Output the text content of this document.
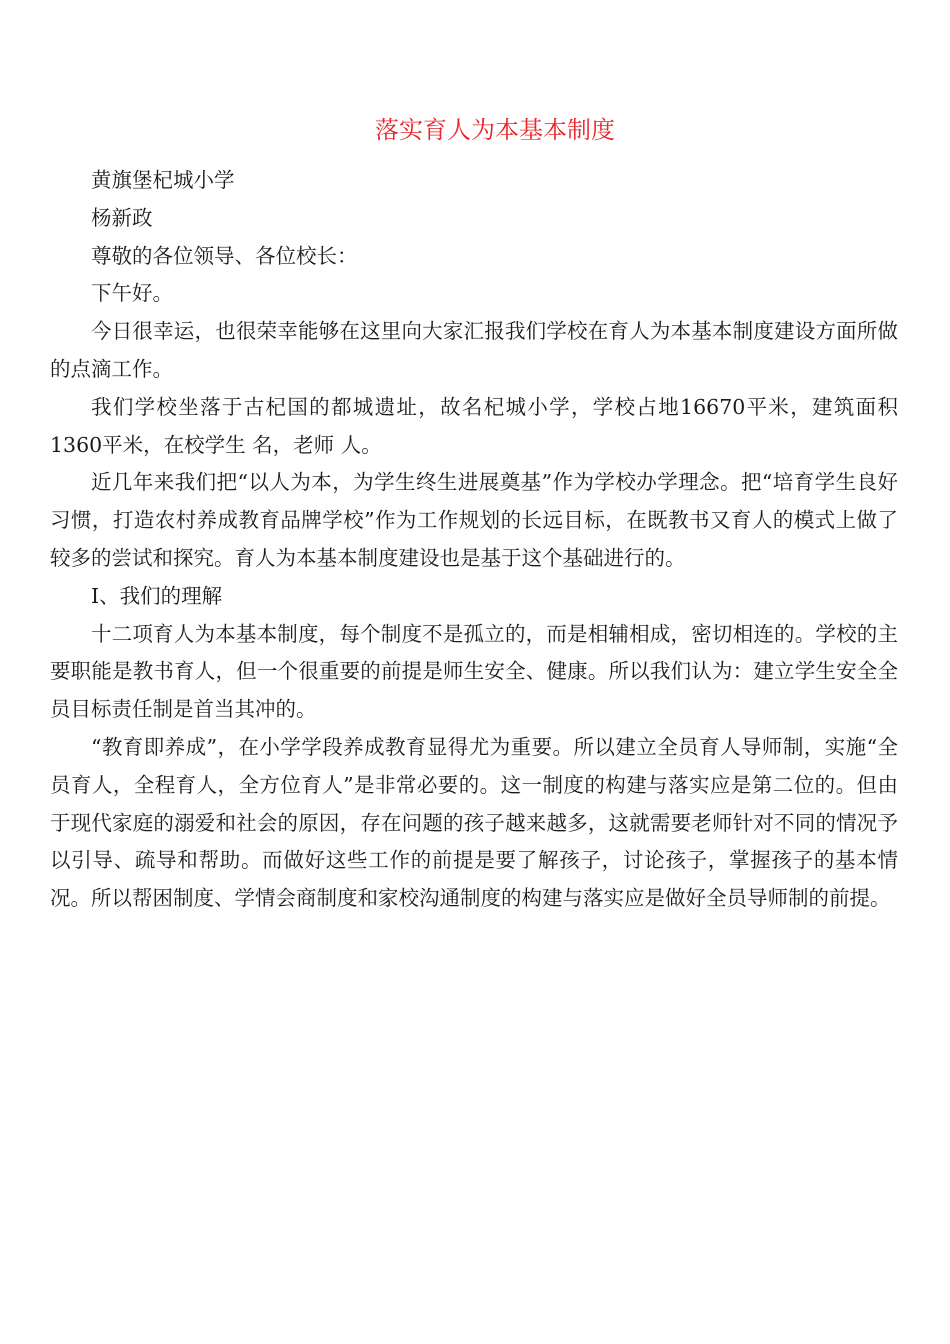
落实育人为本基本制度

黄旗堡杞城小学

杨新政

尊敬的各位领导、各位校长：

下午好。

今日很幸运，也很荣幸能够在这里向大家汇报我们学校在育人为本基本制度建设方面所做的点滴工作。

我们学校坐落于古杞国的都城遗址，故名杞城小学，学校占地16670平米，建筑面积1360平米，在校学生 名，老师 人。

近几年来我们把“以人为本，为学生终生进展奠基”作为学校办学理念。把“培育学生良好习惯，打造农村养成教育品牌学校”作为工作规划的长远目标，在既教书又育人的模式上做了较多的尝试和探究。育人为本基本制度建设也是基于这个基础进行的。

I、我们的理解

十二项育人为本基本制度，每个制度不是孤立的，而是相辅相成，密切相连的。学校的主要职能是教书育人，但一个很重要的前提是师生安全、健康。所以我们认为：建立学生安全全员目标责任制是首当其冲的。

“教育即养成”，在小学学段养成教育显得尤为重要。所以建立全员育人导师制，实施“全员育人，全程育人，全方位育人”是非常必要的。这一制度的构建与落实应是第二位的。但由于现代家庭的溺爱和社会的原因，存在问题的孩子越来越多，这就需要老师针对不同的情况予以引导、疏导和帮助。而做好这些工作的前提是要了解孩子，讨论孩子，掌握孩子的基本情况。所以帮困制度、学情会商制度和家校沟通制度的构建与落实应是做好全员导师制的前提。
